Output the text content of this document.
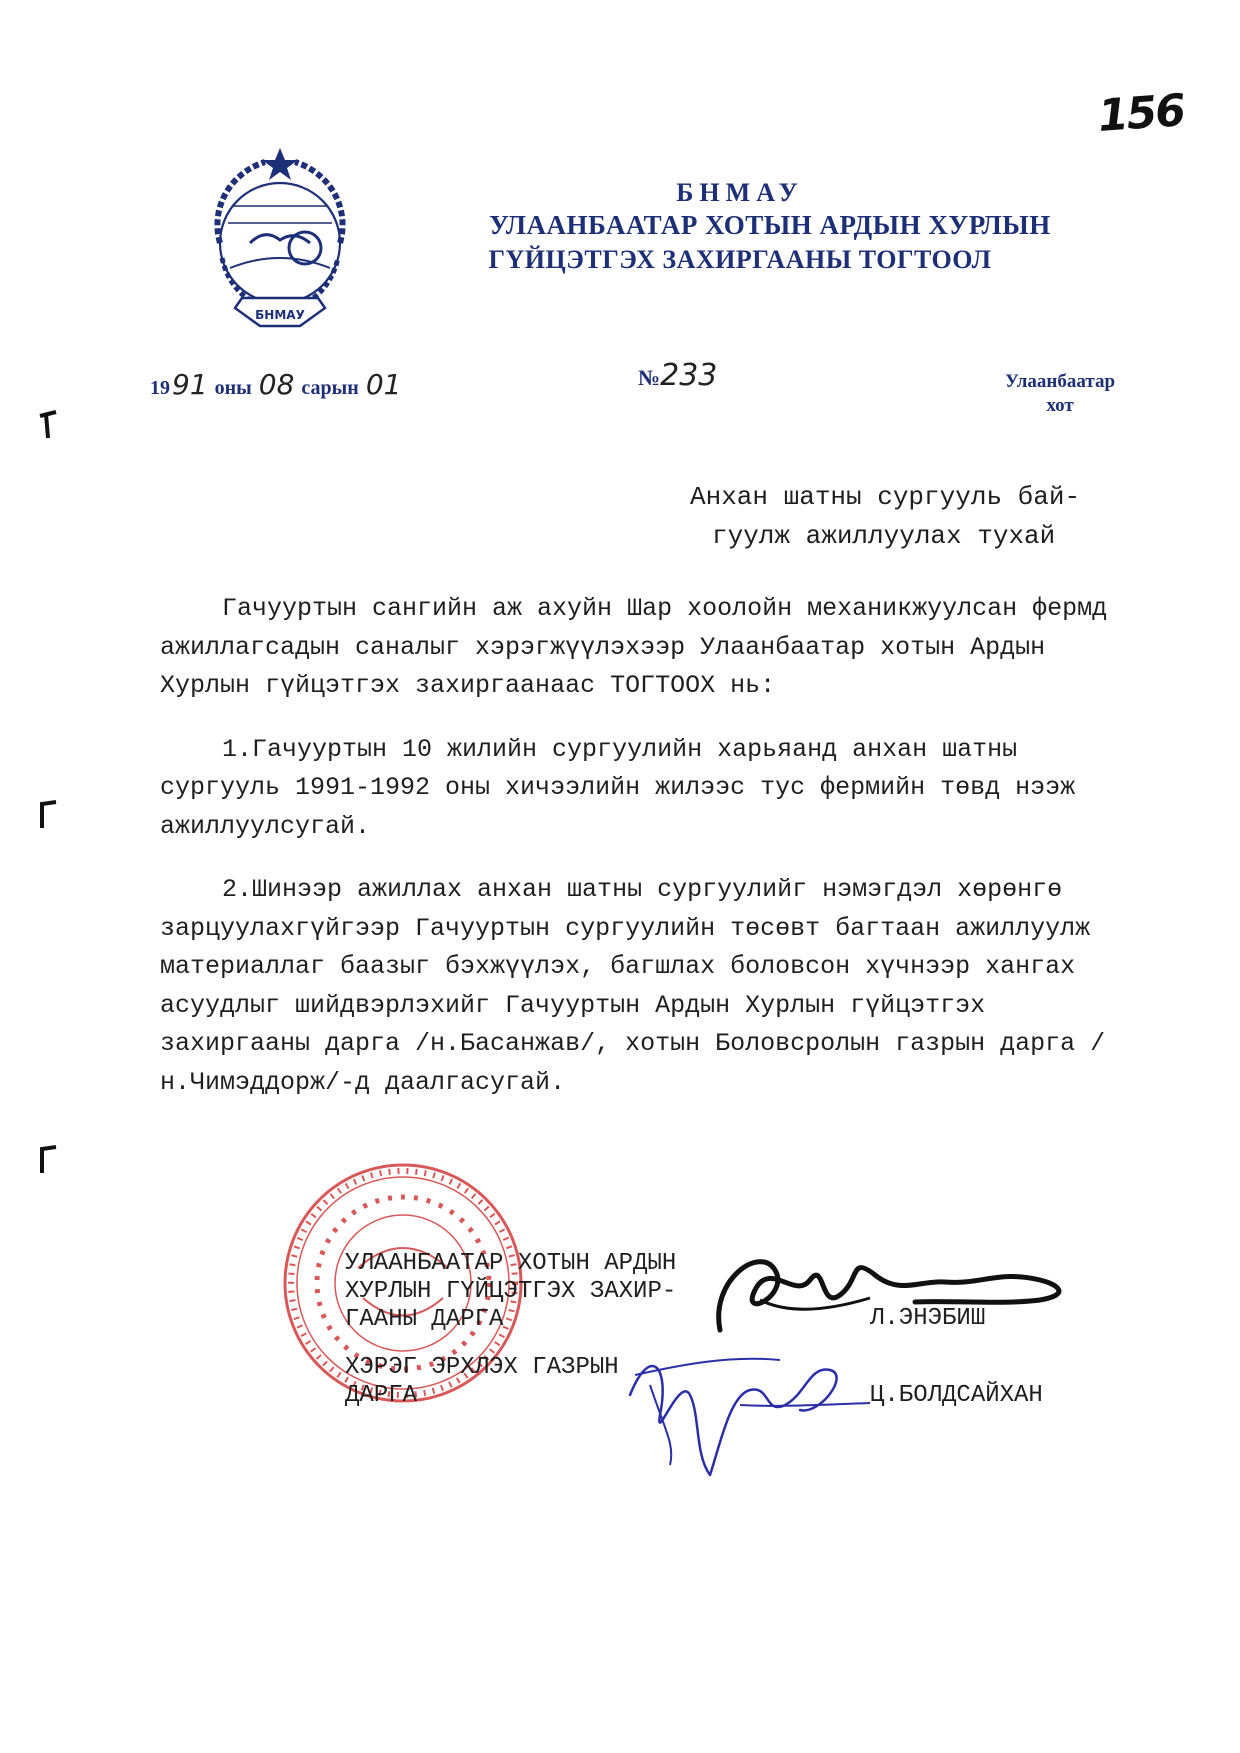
156
БНМАУ
БНМАУ
УЛААНБААТАР ХОТЫН АРДЫН ХУРЛЫН
ГҮЙЦЭТГЭХ ЗАХИРГААНЫ ТОГТООЛ
1991 оны 08 сарын 01	№233	Улаанбаатар
хот
Анхан шатны сургууль бай-
гуулж ажиллуулах тухай

Гачууртын сангийн аж ахуйн Шар хоолойн механикжуулсан фермд ажиллагсадын саналыг хэрэгжүүлэхээр Улаанбаатар хотын Ардын Хурлын гүйцэтгэх захиргаанаас ТОГТООХ нь:

1.Гачууртын 10 жилийн сургуулийн харьяанд анхан шатны сургууль 1991-1992 оны хичээлийн жилээс тус фермийн төвд нээж ажиллуулсугай.

2.Шинээр ажиллах анхан шатны сургуулийг нэмэгдэл хөрөнгө зарцуулахгүйгээр Гачууртын сургуулийн төсөвт багтаан ажиллуулж материаллаг баазыг бэхжүүлэх, багшлах боловсон хүчнээр хангах асуудлыг шийдвэрлэхийг Гачууртын Ардын Хурлын гүйцэтгэх захиргааны дарга /н.Басанжав/, хотын Боловсролын газрын дарга /н.Чимэддорж/-д даалгасугай.

УЛААНБААТАР ХОТЫН АРДЫН
ХУРЛЫН ГҮЙЦЭТГЭХ ЗАХИР-
ГААНЫ ДАРГА
ХЭРЭГ ЭРХЛЭХ ГАЗРЫН
ДАРГА
Л.ЭНЭБИШ
Ц.БОЛДСАЙХАН
